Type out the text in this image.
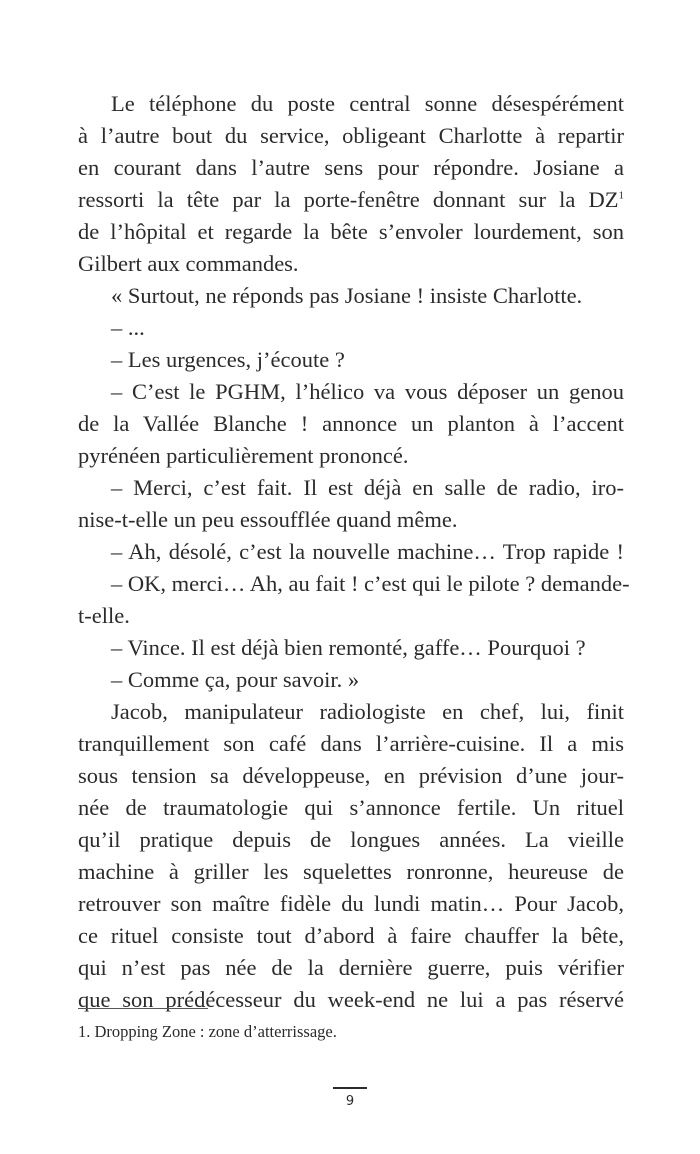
Le téléphone du poste central sonne désespérément
à l’autre bout du service, obligeant Charlotte à repartir
en courant dans l’autre sens pour répondre. Josiane a
ressorti la tête par la porte-fenêtre donnant sur la $DZ^1$
de l’hôpital et regarde la bête s’envoler lourdement, son
Gilbert aux commandes.
« Surtout, ne réponds pas Josiane ! insiste Charlotte.
– ...
– Les urgences, j’écoute ?
– C’est le PGHM, l’hélico va vous déposer un genou
de la Vallée Blanche ! annonce un planton à l’accent
pyrénéen particulièrement prononcé.
– Merci, c’est fait. Il est déjà en salle de radio, iro-
nise-t-elle un peu essoufflée quand même.
– Ah, désolé, c’est la nouvelle machine… Trop rapide !
– OK, merci… Ah, au fait ! c’est qui le pilote ? demande-
t-elle.
– Vince. Il est déjà bien remonté, gaffe… Pourquoi ?
– Comme ça, pour savoir. »
Jacob, manipulateur radiologiste en chef, lui, finit
tranquillement son café dans l’arrière-cuisine. Il a mis
sous tension sa développeuse, en prévision d’une jour-
née de traumatologie qui s’annonce fertile. Un rituel
qu’il pratique depuis de longues années. La vieille
machine à griller les squelettes ronronne, heureuse de
retrouver son maître fidèle du lundi matin… Pour Jacob,
ce rituel consiste tout d’abord à faire chauffer la bête,
qui n’est pas née de la dernière guerre, puis vérifier
que son prédécesseur du week-end ne lui a pas réservé
1. Dropping Zone : zone d’atterrissage.
9
